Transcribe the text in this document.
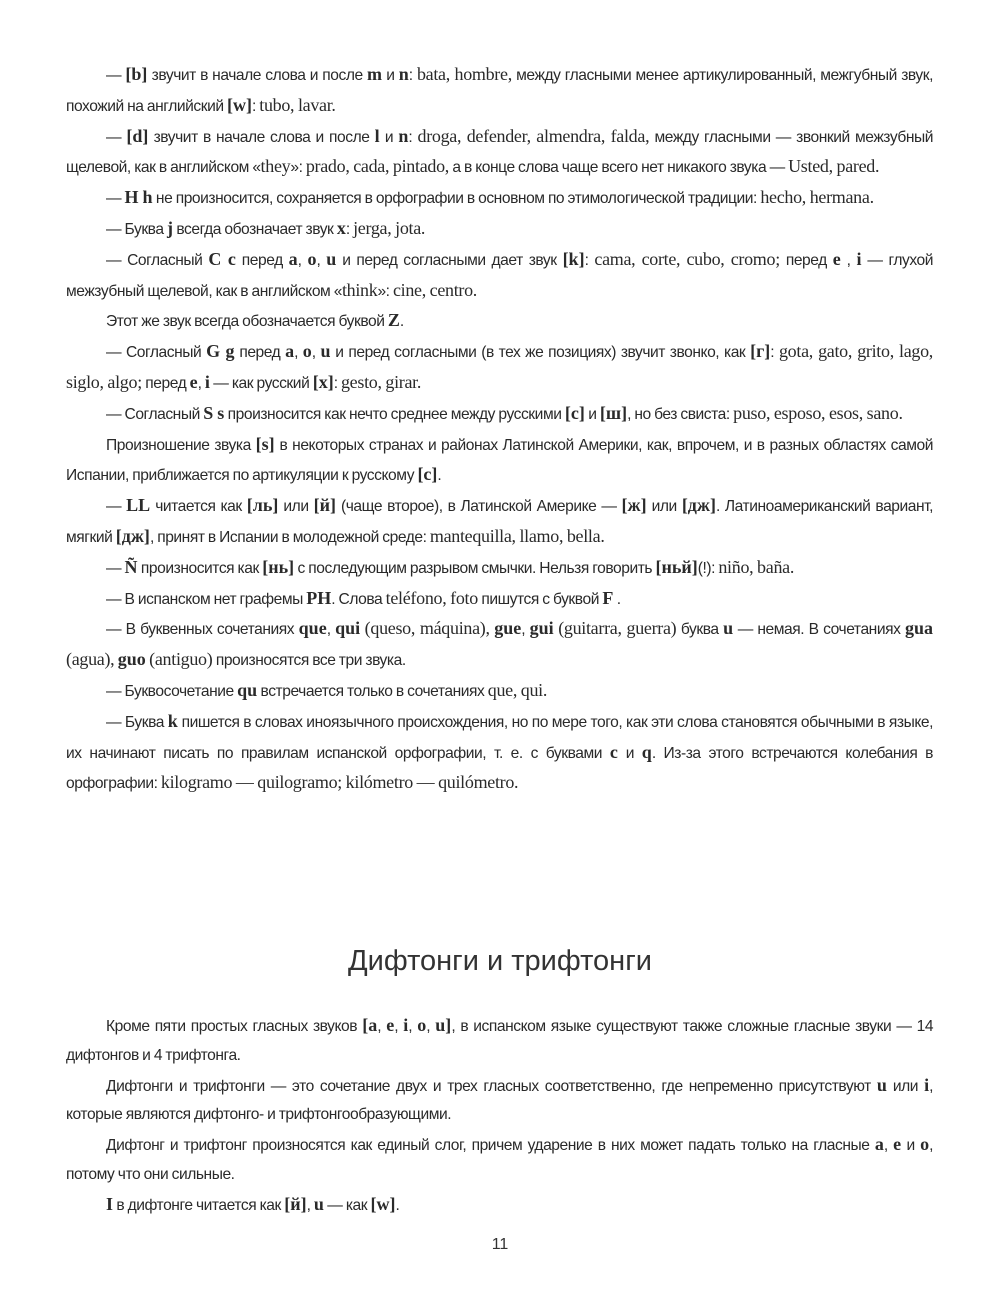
— [b] звучит в начале слова и после m и n: bata, hombre, между гласными менее артикулированный, межгубный звук, похожий на английский [w]: tubo, lavar.

— [d] звучит в начале слова и после l и n: droga, defender, almendra, falda, между гласными — звонкий межзубный щелевой, как в английском «they»: prado, cada, pintado, а в конце слова чаще всего нет никакого звука — Usted, pared.

— H h не произносится, сохраняется в орфографии в основном по этимологической традиции: hecho, hermana.

— Буква j всегда обозначает звук x: jerga, jota.

— Согласный C c перед a, o, u и перед согласными дает звук [k]: cama, corte, cubo, cromo; перед e , i — глухой межзубный щелевой, как в английском «think»: cine, centro.

Этот же звук всегда обозначается буквой Z.

— Согласный G g перед a, o, u и перед согласными (в тех же позициях) звучит звонко, как [г]: gota, gato, grito, lago, siglo, algo; перед e, i — как русский [x]: gesto, girar.

— Согласный S s произносится как нечто среднее между русскими [c] и [ш], но без свиста: puso, esposo, esos, sano.

Произношение звука [s] в некоторых странах и районах Латинской Америки, как, впрочем, и в разных областях самой Испании, приближается по артикуляции к русскому [c].

— LL читается как [ль] или [й] (чаще второе), в Латинской Америке — [ж] или [дж]. Латиноамериканский вариант, мягкий [дж], принят в Испании в молодежной среде: mantequilla, llamo, bella.

— Ñ произносится как [нь] с последующим разрывом смычки. Нельзя говорить [ньй](!): niño, baña.

— В испанском нет графемы PH. Слова teléfono, foto пишутся с буквой F .

— В буквенных сочетаниях que, qui (queso, máquina), gue, gui (guitarra, guerra) буква u — немая. В сочетаниях gua (agua), guo (antiguo) произносятся все три звука.

— Буквосочетание qu встречается только в сочетаниях que, qui.

— Буква k пишется в словах иноязычного происхождения, но по мере того, как эти слова становятся обычными в языке, их начинают писать по правилам испанской орфографии, т. е. с буквами c и q. Из-за этого встречаются колебания в орфографии: kilogramo — quilogramo; kilómetro — quilómetro.

Дифтонги и трифтонги

Кроме пяти простых гласных звуков [a, e, i, o, u], в испанском языке существуют также сложные гласные звуки — 14 дифтонгов и 4 трифтонга.

Дифтонги и трифтонги — это сочетание двух и трех гласных соответственно, где непременно присутствуют u или i, которые являются дифтонго- и трифтонгообразующими.

Дифтонг и трифтонг произносятся как единый слог, причем ударение в них может падать только на гласные a, e и o, потому что они сильные.

I в дифтонге читается как [й], u — как [w].

11
